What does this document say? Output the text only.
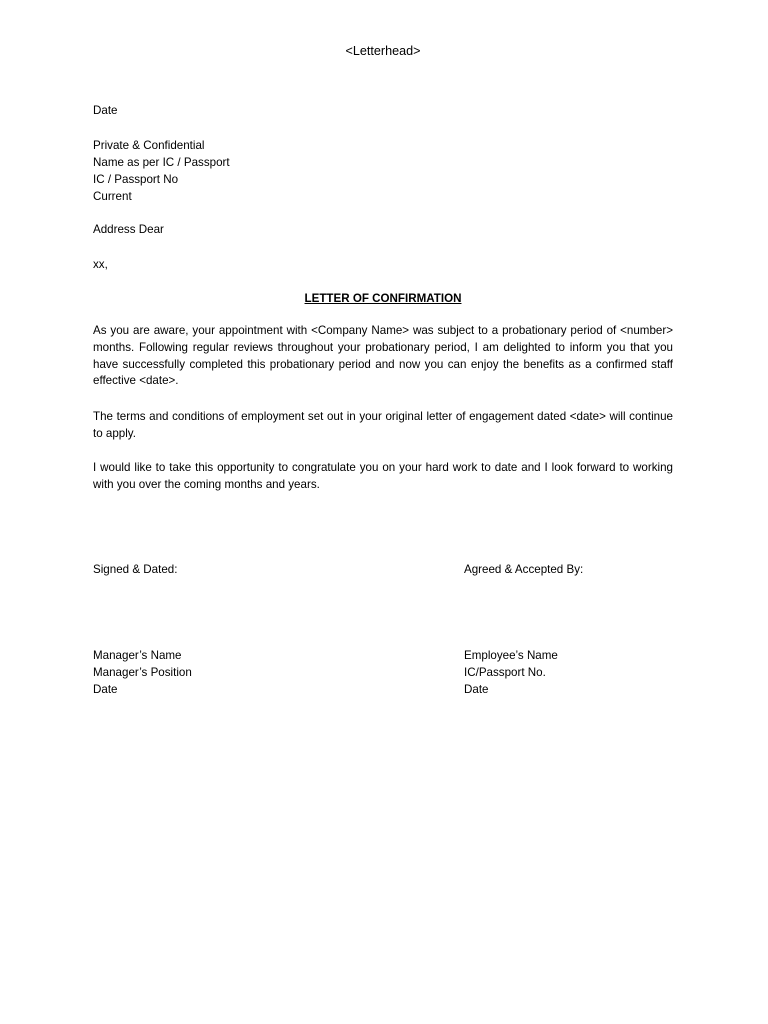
<Letterhead>
Date
Private & Confidential
Name as per IC / Passport
IC / Passport No
Current
Address Dear
xx,
LETTER OF CONFIRMATION

As you are aware, your appointment with <Company Name> was subject to a probationary period of <number> months. Following regular reviews throughout your probationary period, I am delighted to inform you that you have successfully completed this probationary period and now you can enjoy the benefits as a confirmed staff effective <date>.

The terms and conditions of employment set out in your original letter of engagement dated <date> will continue to apply.

I would like to take this opportunity to congratulate you on your hard work to date and I look forward to working with you over the coming months and years.

Signed & Dated:	Agreed & Accepted By:
Manager’s Name
Manager’s Position
Date
Employee’s Name
IC/Passport No.
Date
